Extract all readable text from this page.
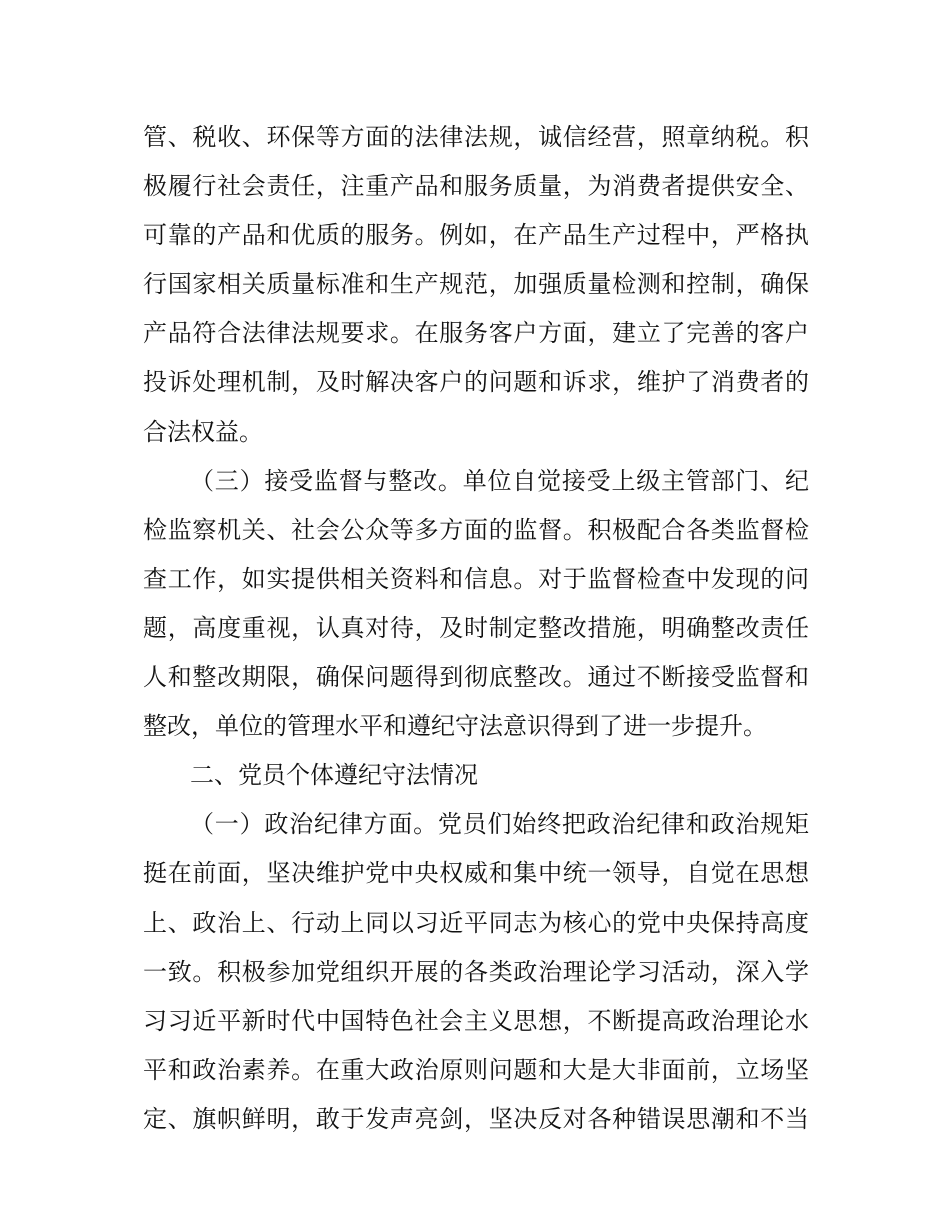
管、税收、环保等方面的法律法规，诚信经营，照章纳税。积
极履行社会责任，注重产品和服务质量，为消费者提供安全、
可靠的产品和优质的服务。例如，在产品生产过程中，严格执
行国家相关质量标准和生产规范，加强质量检测和控制，确保
产品符合法律法规要求。在服务客户方面，建立了完善的客户
投诉处理机制，及时解决客户的问题和诉求，维护了消费者的
合法权益。
（三）接受监督与整改。单位自觉接受上级主管部门、纪
检监察机关、社会公众等多方面的监督。积极配合各类监督检
查工作，如实提供相关资料和信息。对于监督检查中发现的问
题，高度重视，认真对待，及时制定整改措施，明确整改责任
人和整改期限，确保问题得到彻底整改。通过不断接受监督和
整改，单位的管理水平和遵纪守法意识得到了进一步提升。
二、党员个体遵纪守法情况
（一）政治纪律方面。党员们始终把政治纪律和政治规矩
挺在前面，坚决维护党中央权威和集中统一领导，自觉在思想
上、政治上、行动上同以习近平同志为核心的党中央保持高度
一致。积极参加党组织开展的各类政治理论学习活动，深入学
习习近平新时代中国特色社会主义思想，不断提高政治理论水
平和政治素养。在重大政治原则问题和大是大非面前，立场坚
定、旗帜鲜明，敢于发声亮剑，坚决反对各种错误思潮和不当
